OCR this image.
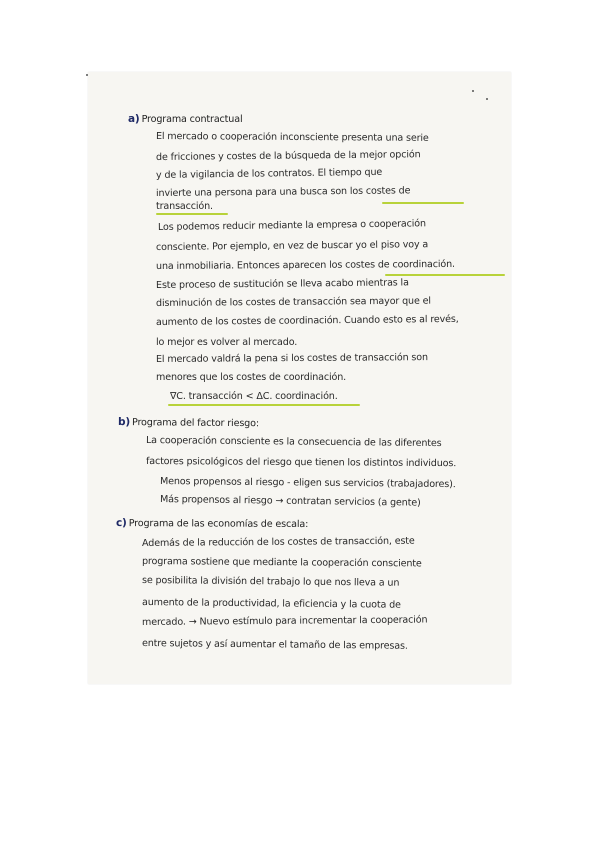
a) Programa contractual
El mercado o cooperación inconsciente presenta una serie
de fricciones y costes de la búsqueda de la mejor opción
y de la vigilancia de los contratos. El tiempo que
invierte una persona para una busca son los costes de
transacción.
Los podemos reducir mediante la empresa o cooperación
consciente. Por ejemplo, en vez de buscar yo el piso voy a
una inmobiliaria. Entonces aparecen los costes de coordinación.
Este proceso de sustitución se lleva acabo mientras la
disminución de los costes de transacción sea mayor que el
aumento de los costes de coordinación. Cuando esto es al revés,
lo mejor es volver al mercado.
El mercado valdrá la pena si los costes de transacción son
menores que los costes de coordinación.
∇C. transacción < ΔC. coordinación.
b) Programa del factor riesgo:
La cooperación consciente es la consecuencia de las diferentes
factores psicológicos del riesgo que tienen los distintos individuos.
Menos propensos al riesgo - eligen sus servicios (trabajadores).
Más propensos al riesgo → contratan servicios (a gente)
c) Programa de las economías de escala:
Además de la reducción de los costes de transacción, este
programa sostiene que mediante la cooperación consciente
se posibilita la división del trabajo lo que nos lleva a un
aumento de la productividad, la eficiencia y la cuota de
mercado. → Nuevo estímulo para incrementar la cooperación
entre sujetos y así aumentar el tamaño de las empresas.
